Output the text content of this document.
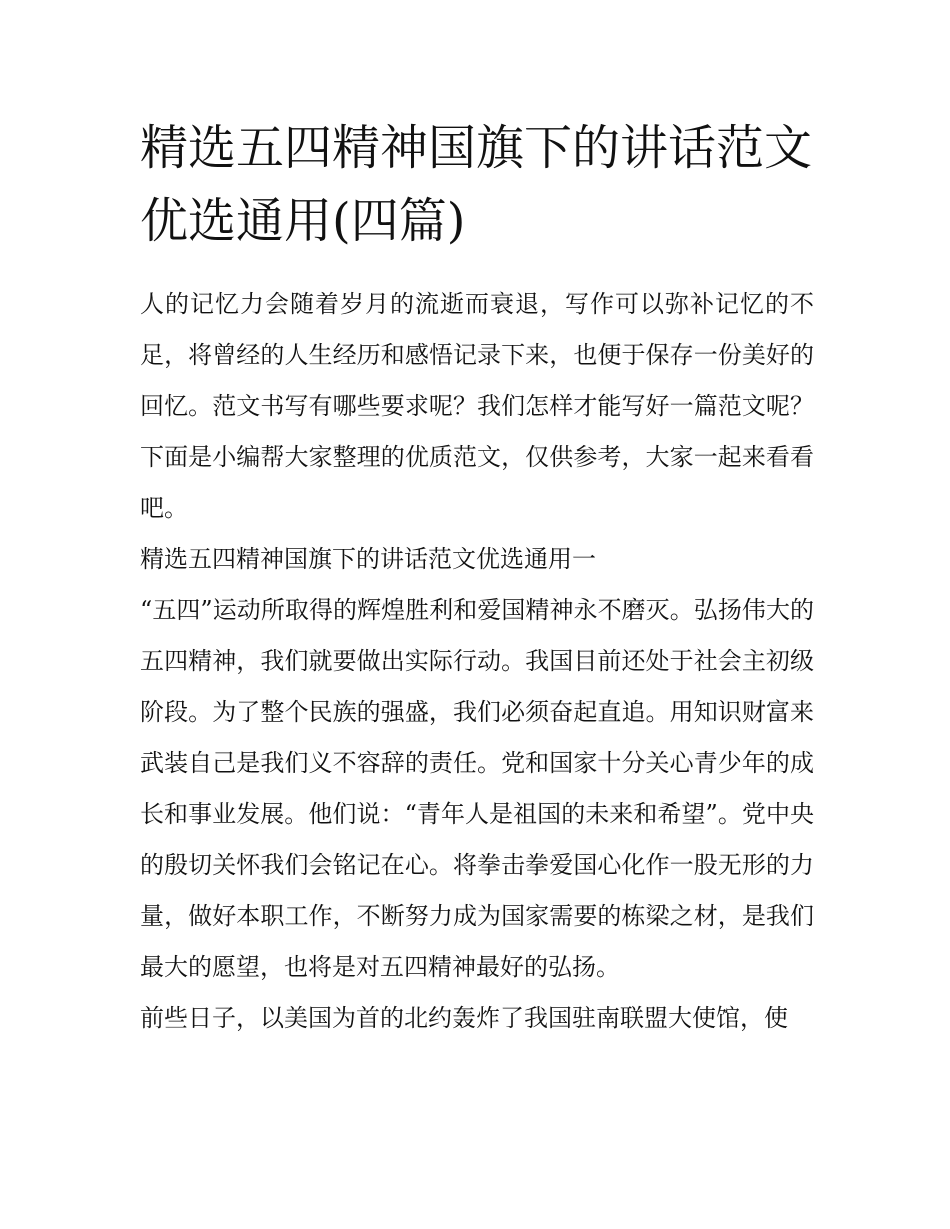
精选五四精神国旗下的讲话范文优选通用(四篇)

人的记忆力会随着岁月的流逝而衰退，写作可以弥补记忆的不足，将曾经的人生经历和感悟记录下来，也便于保存一份美好的回忆。范文书写有哪些要求呢？我们怎样才能写好一篇范文呢？下面是小编帮大家整理的优质范文，仅供参考，大家一起来看看吧。

精选五四精神国旗下的讲话范文优选通用一

“五四”运动所取得的辉煌胜利和爱国精神永不磨灭。弘扬伟大的五四精神，我们就要做出实际行动。我国目前还处于社会主初级阶段。为了整个民族的强盛，我们必须奋起直追。用知识财富来武装自己是我们义不容辞的责任。党和国家十分关心青少年的成长和事业发展。他们说：“青年人是祖国的未来和希望”。党中央的殷切关怀我们会铭记在心。将拳击拳爱国心化作一股无形的力量，做好本职工作，不断努力成为国家需要的栋梁之材，是我们最大的愿望，也将是对五四精神最好的弘扬。

前些日子，以美国为首的北约轰炸了我国驻南联盟大使馆，使
